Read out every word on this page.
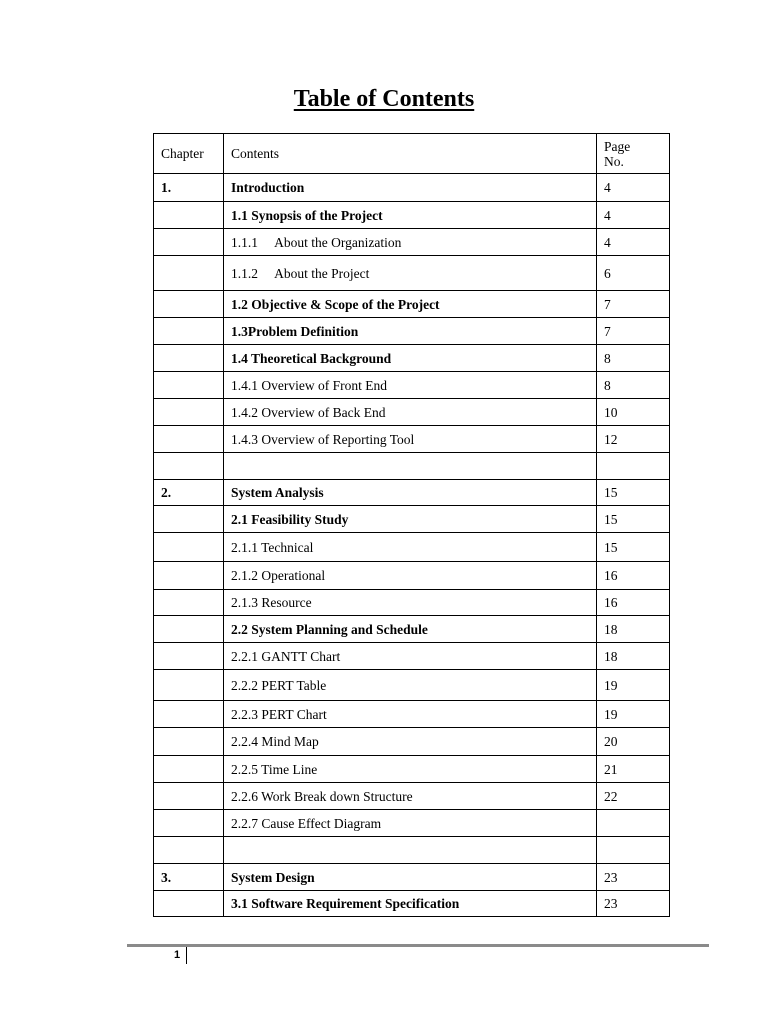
Table of Contents
Chapter	Contents	Page
No.
1.	Introduction	4
	1.1 Synopsis of the Project	4
	1.1.1     About the Organization	4
	1.1.2     About the Project	6
	1.2 Objective & Scope of the Project	7
	1.3Problem Definition	7
	1.4 Theoretical Background	8
	1.4.1 Overview of Front End	8
	1.4.2 Overview of Back End	10
	1.4.3 Overview of Reporting Tool	12

2.	System Analysis	15
	2.1 Feasibility Study	15
	2.1.1 Technical	15
	2.1.2 Operational	16
	2.1.3 Resource	16
	2.2 System Planning and Schedule	18
	2.2.1 GANTT Chart	18
	2.2.2 PERT Table	19
	2.2.3 PERT Chart	19
	2.2.4 Mind Map	20
	2.2.5 Time Line	21
	2.2.6 Work Break down Structure	22
	2.2.7 Cause Effect Diagram	

3.	System Design	23
	3.1 Software Requirement Specification	23
1
